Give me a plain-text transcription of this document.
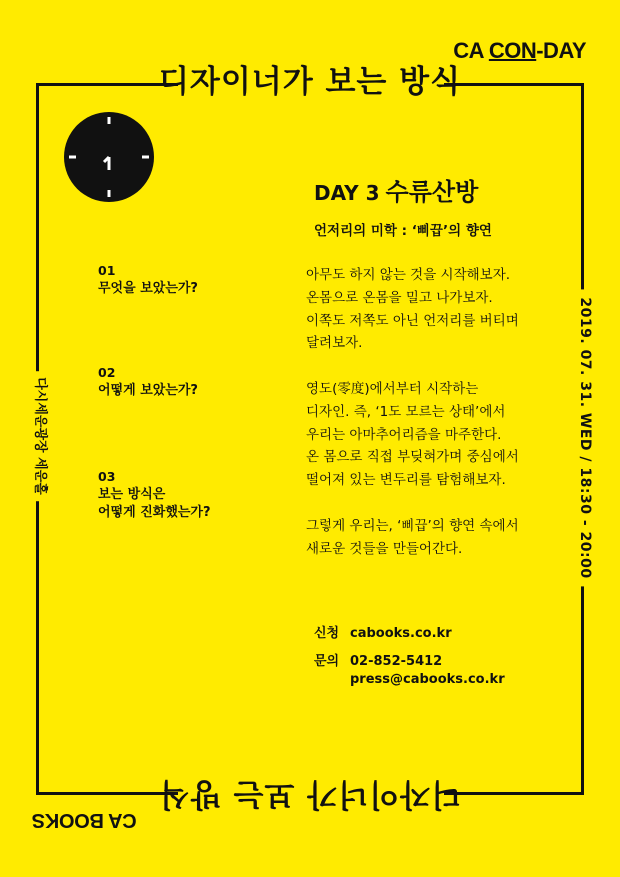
디자이너가 보는 방식
디자이너가 보는 방식
CA CON-DAY
CA BOOKS
다시세운광장 세운홀	2019. 07. 31. WED / 18:30 - 20:00
DAY 3 수류산방
언저리의 미학 : ‘삐끕’의 향연

아무도 하지 않는 것을 시작해보자.
온몸으로 온몸을 밀고 나가보자.
이쪽도 저쪽도 아닌 언저리를 버티며
달려보자.

영도(零度)에서부터 시작하는
디자인. 즉, ‘1도 모르는 상태’에서
우리는 아마추어리즘을 마주한다.
온 몸으로 직접 부딪혀가며 중심에서
떨어져 있는 변두리를 탐험해보자.

그렇게 우리는, ‘삐끕’의 향연 속에서
새로운 것들을 만들어간다.

01
무엇을 보았는가?
02
어떻게 보았는가?
03
보는 방식은
어떻게 진화했는가?
신청 cabooks.co.kr
문의 02-852-5412
press@cabooks.co.kr
